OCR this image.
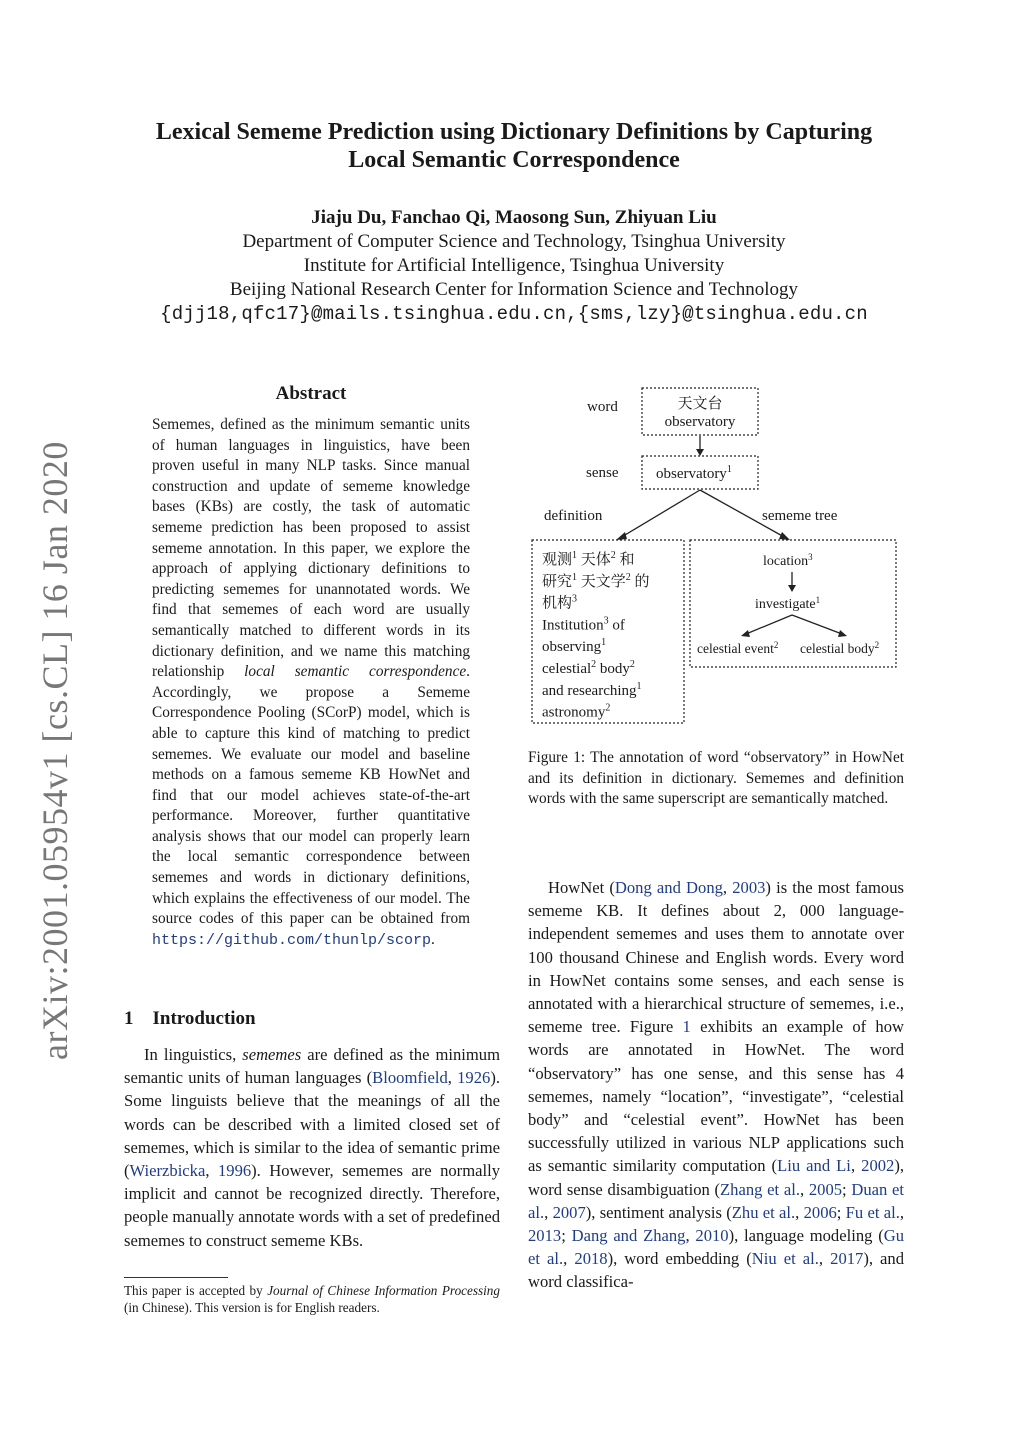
Lexical Sememe Prediction using Dictionary Definitions by Capturing
Local Semantic Correspondence
Jiaju Du, Fanchao Qi, Maosong Sun, Zhiyuan Liu
Department of Computer Science and Technology, Tsinghua University
Institute for Artificial Intelligence, Tsinghua University
Beijing National Research Center for Information Science and Technology
{djj18,qfc17}@mails.tsinghua.edu.cn,{sms,lzy}@tsinghua.edu.cn
arXiv:2001.05954v1 [cs.CL] 16 Jan 2020
Abstract
Sememes, defined as the minimum semantic units of human languages in linguistics, have been proven useful in many NLP tasks. Since manual construction and update of sememe knowledge bases (KBs) are costly, the task of automatic sememe prediction has been proposed to assist sememe annotation. In this paper, we explore the approach of applying dictionary definitions to predicting sememes for unannotated words. We find that sememes of each word are usually semantically matched to different words in its dictionary definition, and we name this matching relationship local semantic correspondence. Accordingly, we propose a Sememe Correspondence Pooling (SCorP) model, which is able to capture this kind of matching to predict sememes. We evaluate our model and baseline methods on a famous sememe KB HowNet and find that our model achieves state-of-the-art performance. Moreover, further quantitative analysis shows that our model can properly learn the local semantic correspondence between sememes and words in dictionary definitions, which explains the effectiveness of our model. The source codes of this paper can be obtained from https://github.com/thunlp/scorp.
1 Introduction
In linguistics, sememes are defined as the minimum semantic units of human languages (Bloomfield, 1926). Some linguists believe that the meanings of all the words can be described with a limited closed set of sememes, which is similar to the idea of semantic prime (Wierzbicka, 1996). However, sememes are normally implicit and cannot be recognized directly. Therefore, people manually annotate words with a set of predefined sememes to construct sememe KBs.
This paper is accepted by Journal of Chinese Information Processing (in Chinese). This version is for English readers.
word
sense
definition	sememe tree
天文台
observatory
observatory$^1$
观测1 天体2 和
研究1 天文学2 的
机构3
Institution3 of
observing1
celestial2 body2
and researching1
astronomy2
location$^3$
investigate$^1$
celestial event$^2$ celestial body$^2$
Figure 1: The annotation of word “observatory” in HowNet and its definition in dictionary. Sememes and definition words with the same superscript are semantically matched.
HowNet (Dong and Dong, 2003) is the most famous sememe KB. It defines about 2, 000 language-independent sememes and uses them to annotate over 100 thousand Chinese and English words. Every word in HowNet contains some senses, and each sense is annotated with a hierarchical structure of sememes, i.e., sememe tree. Figure 1 exhibits an example of how words are annotated in HowNet. The word “observatory” has one sense, and this sense has 4 sememes, namely “location”, “investigate”, “celestial body” and “celestial event”. HowNet has been successfully utilized in various NLP applications such as semantic similarity computation (Liu and Li, 2002), word sense disambiguation (Zhang et al., 2005; Duan et al., 2007), sentiment analysis (Zhu et al., 2006; Fu et al., 2013; Dang and Zhang, 2010), language modeling (Gu et al., 2018), word embedding (Niu et al., 2017), and word classifica-
